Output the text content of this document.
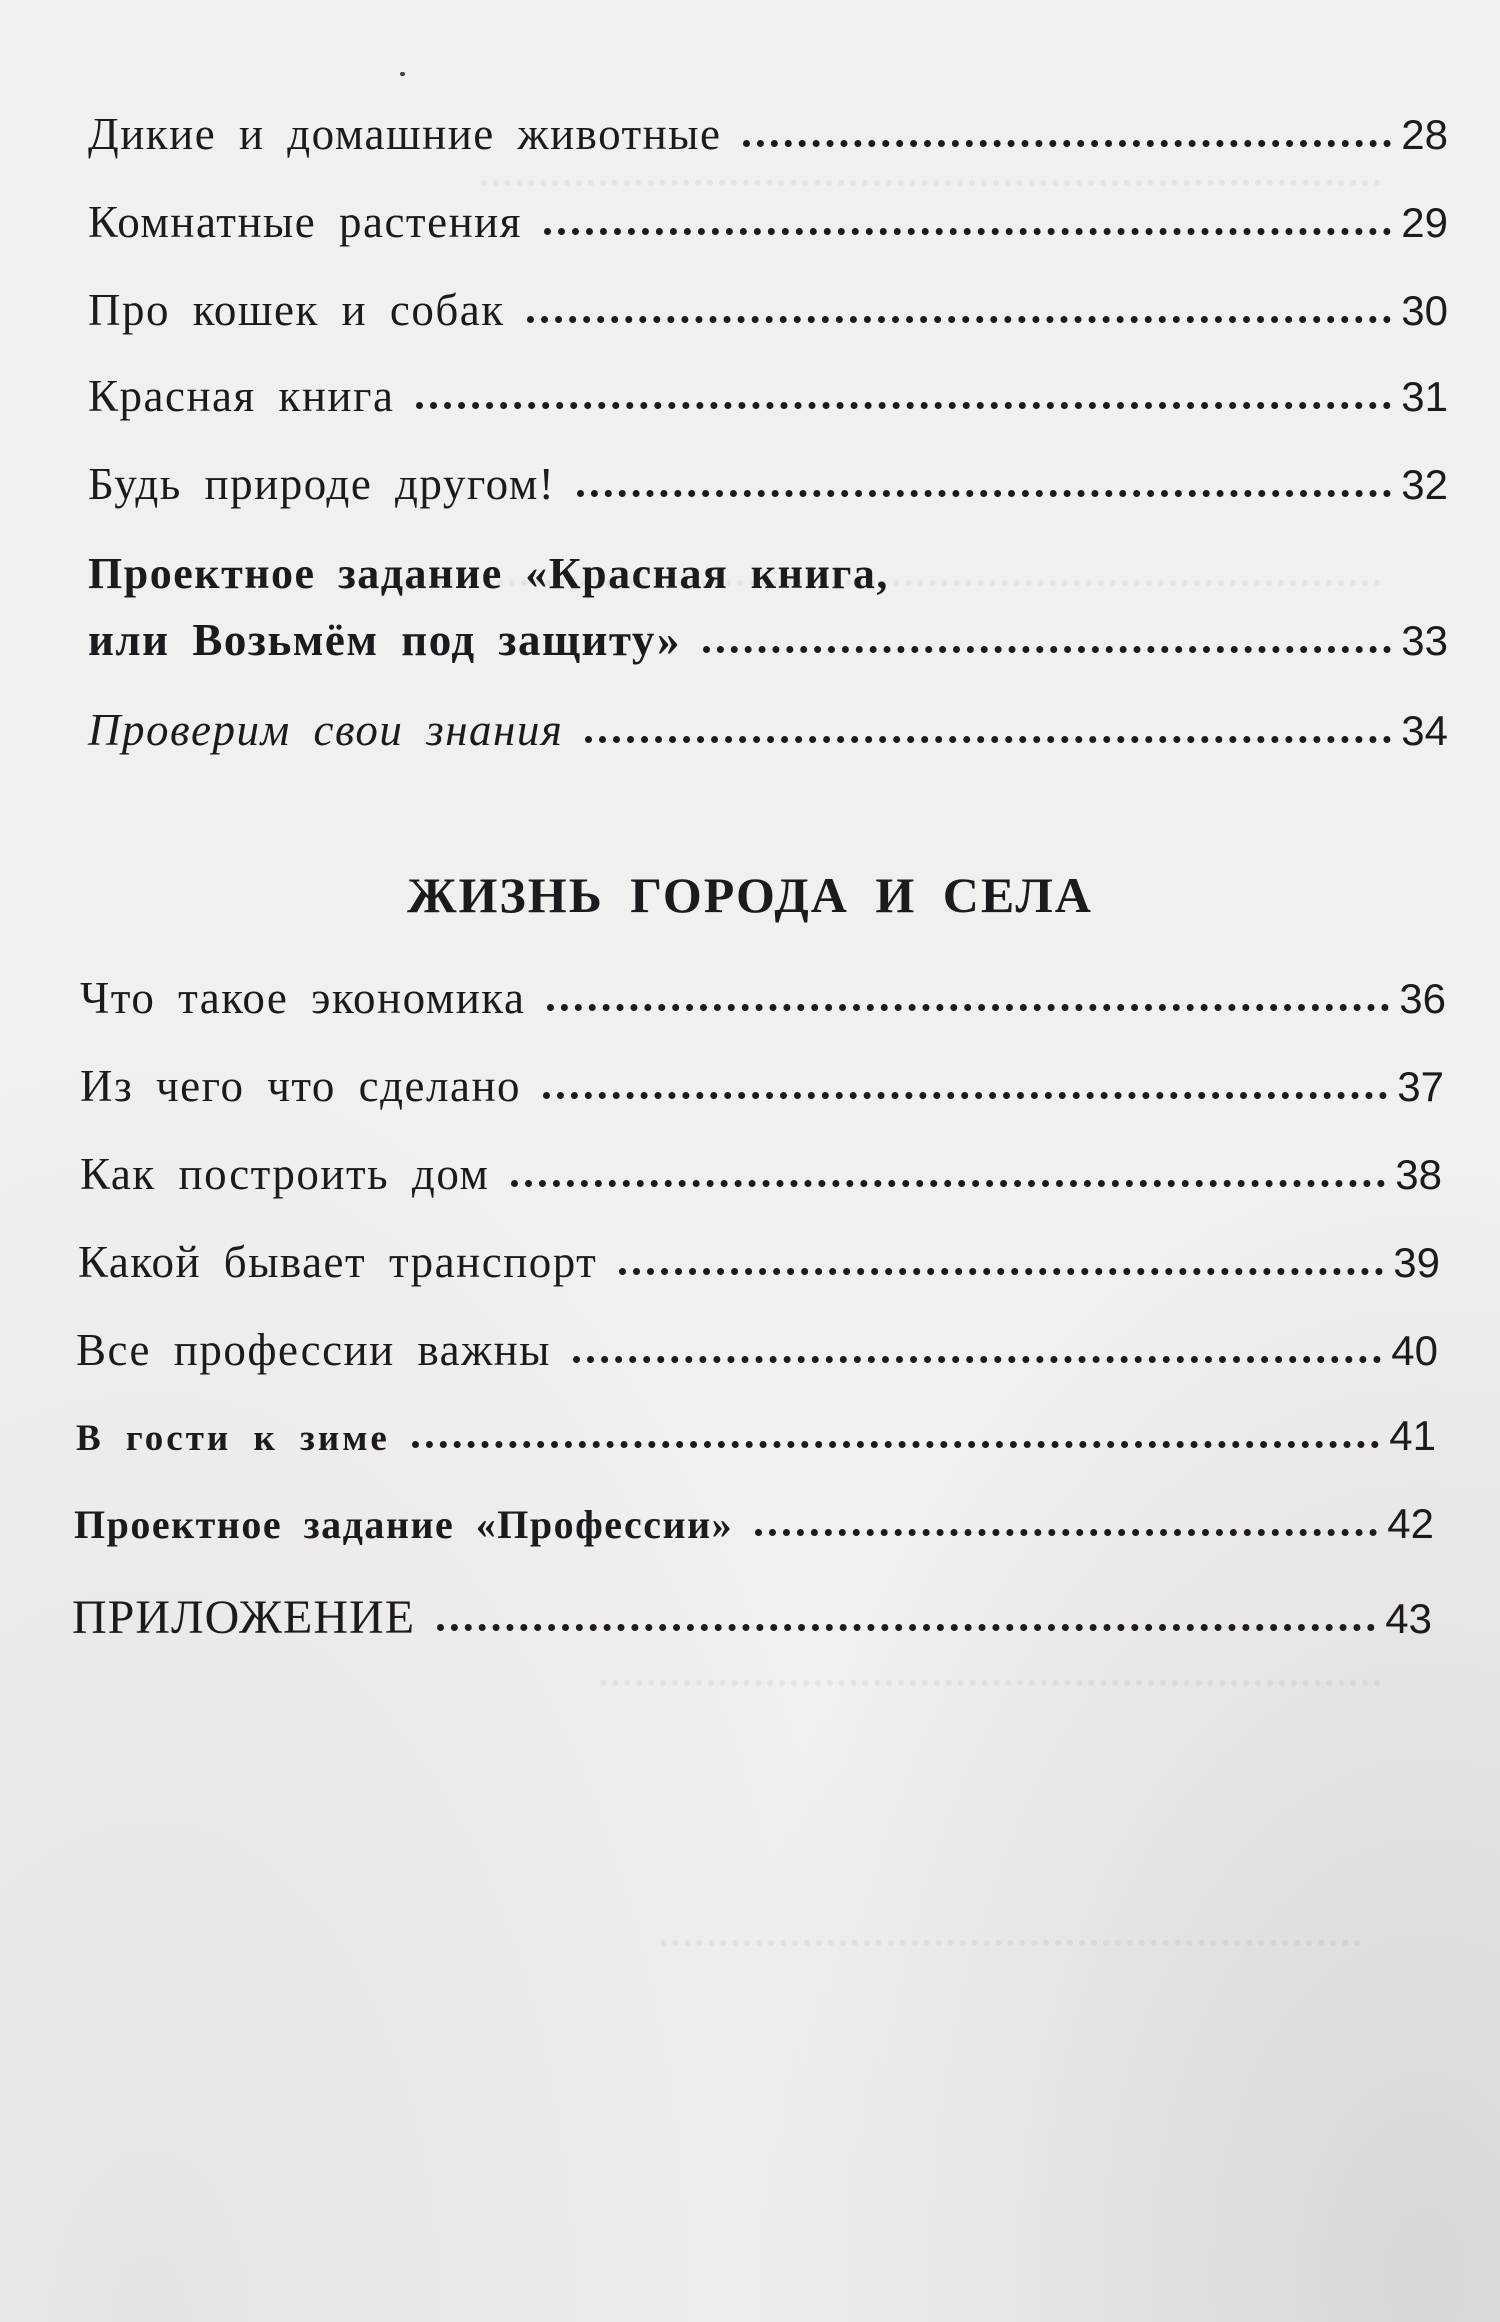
Дикие и домашние животные	28
Комнатные растения	29
Про кошек и собак	30
Красная книга	31
Будь природе другом!	32
Проектное задание «Красная книга,
или Возьмём под защиту»	33
Проверим свои знания	34
ЖИЗНЬ ГОРОДА И СЕЛА
Что такое экономика	36
Из чего что сделано	37
Как построить дом	38
Какой бывает транспорт	39
Все профессии важны	40
В гости к зиме	41
Проектное задание «Профессии»	42
ПРИЛОЖЕНИЕ	43
